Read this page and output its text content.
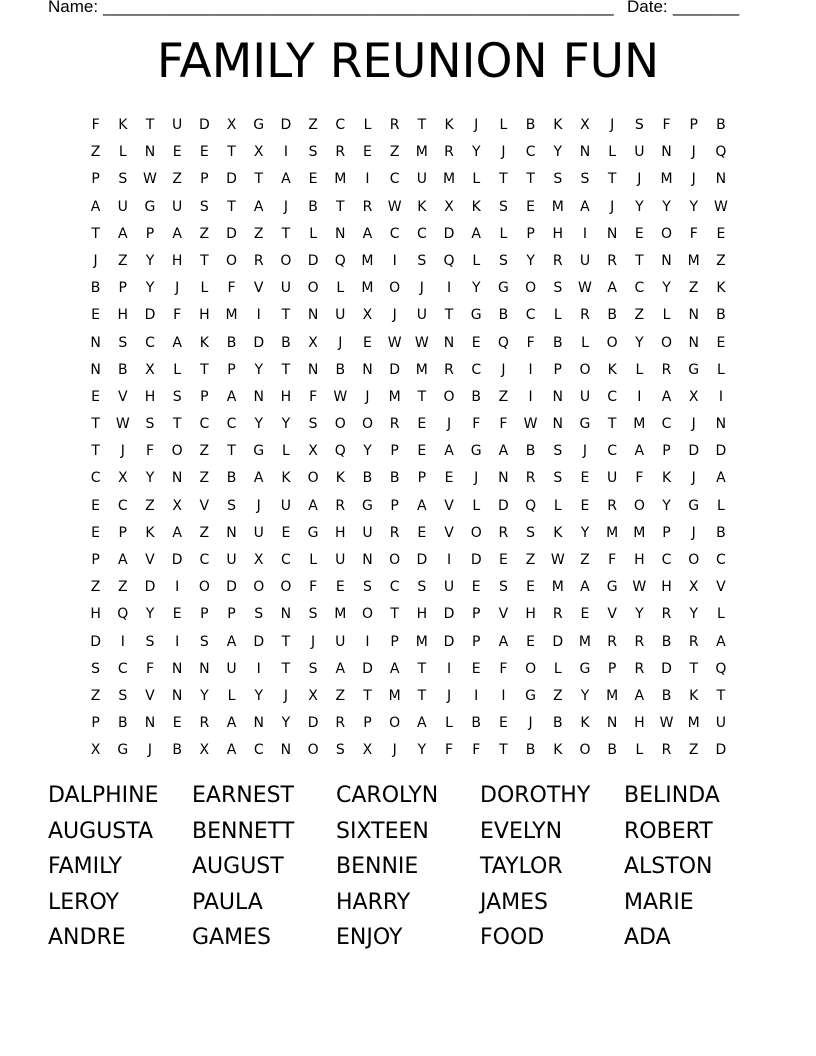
Name: ______________________________________________________ Date: _______
FAMILY REUNION FUN
F	K	T	U	D	X	G	D	Z	C	L	R	T	K	J	L	B	K	X	J	S	F	P	B
Z	L	N	E	E	T	X	I	S	R	E	Z	M	R	Y	J	C	Y	N	L	U	N	J	Q
P	S	W	Z	P	D	T	A	E	M	I	C	U	M	L	T	T	S	S	T	J	M	J	N
A	U	G	U	S	T	A	J	B	T	R	W	K	X	K	S	E	M	A	J	Y	Y	Y	W
T	A	P	A	Z	D	Z	T	L	N	A	C	C	D	A	L	P	H	I	N	E	O	F	E
J	Z	Y	H	T	O	R	O	D	Q	M	I	S	Q	L	S	Y	R	U	R	T	N	M	Z
B	P	Y	J	L	F	V	U	O	L	M	O	J	I	Y	G	O	S	W	A	C	Y	Z	K
E	H	D	F	H	M	I	T	N	U	X	J	U	T	G	B	C	L	R	B	Z	L	N	B
N	S	C	A	K	B	D	B	X	J	E	W W	N	E	Q	F	B	L	O	Y	O	N	E
N	B	X	L	T	P	Y	T	N	B	N	D	M	R	C	J	I	P	O	K	L	R	G	L
E	V	H	S	P	A	N	H	F	W	J	M	T	O	B	Z	I	N	U	C	I	A	X	I
T	W	S	T	C	C	Y	Y	S	O	O	R	E	J	F	F	W	N	G	T	M	C	J	N
T	J	F	O	Z	T	G	L	X	Q	Y	P	E	A	G	A	B	S	J	C	A	P	D	D
C	X	Y	N	Z	B	A	K	O	K	B	B	P	E	J	N	R	S	E	U	F	K	J	A
E	C	Z	X	V	S	J	U	A	R	G	P	A	V	L	D	Q	L	E	R	O	Y	G	L
E	P	K	A	Z	N	U	E	G	H	U	R	E	V	O	R	S	K	Y	M	M	P	J	B
P	A	V	D	C	U	X	C	L	U	N	O	D	I	D	E	Z	W	Z	F	H	C	O	C
Z	Z	D	I	O	D	O	O	F	E	S	C	S	U	E	S	E	M	A	G	W	H	X	V
H	Q	Y	E	P	P	S	N	S	M	O	T	H	D	P	V	H	R	E	V	Y	R	Y	L
D	I	S	I	S	A	D	T	J	U	I	P	M	D	P	A	E	D	M	R	R	B	R	A
S	C	F	N	N	U	I	T	S	A	D	A	T	I	E	F	O	L	G	P	R	D	T	Q
Z	S	V	N	Y	L	Y	J	X	Z	T	M	T	J	I	I	G	Z	Y	M	A	B	K	T
P	B	N	E	R	A	N	Y	D	R	P	O	A	L	B	E	J	B	K	N	H	W	M	U
X	G	J	B	X	A	C	N	O	S	X	J	Y	F	F	T	B	K	O	B	L	R	Z	D
DALPHINE	EARNEST	CAROLYN	DOROTHY	BELINDA
AUGUSTA	BENNETT	SIXTEEN	EVELYN	ROBERT
FAMILY	AUGUST	BENNIE	TAYLOR	ALSTON
LEROY	PAULA	HARRY	JAMES	MARIE
ANDRE	GAMES	ENJOY	FOOD	ADA
